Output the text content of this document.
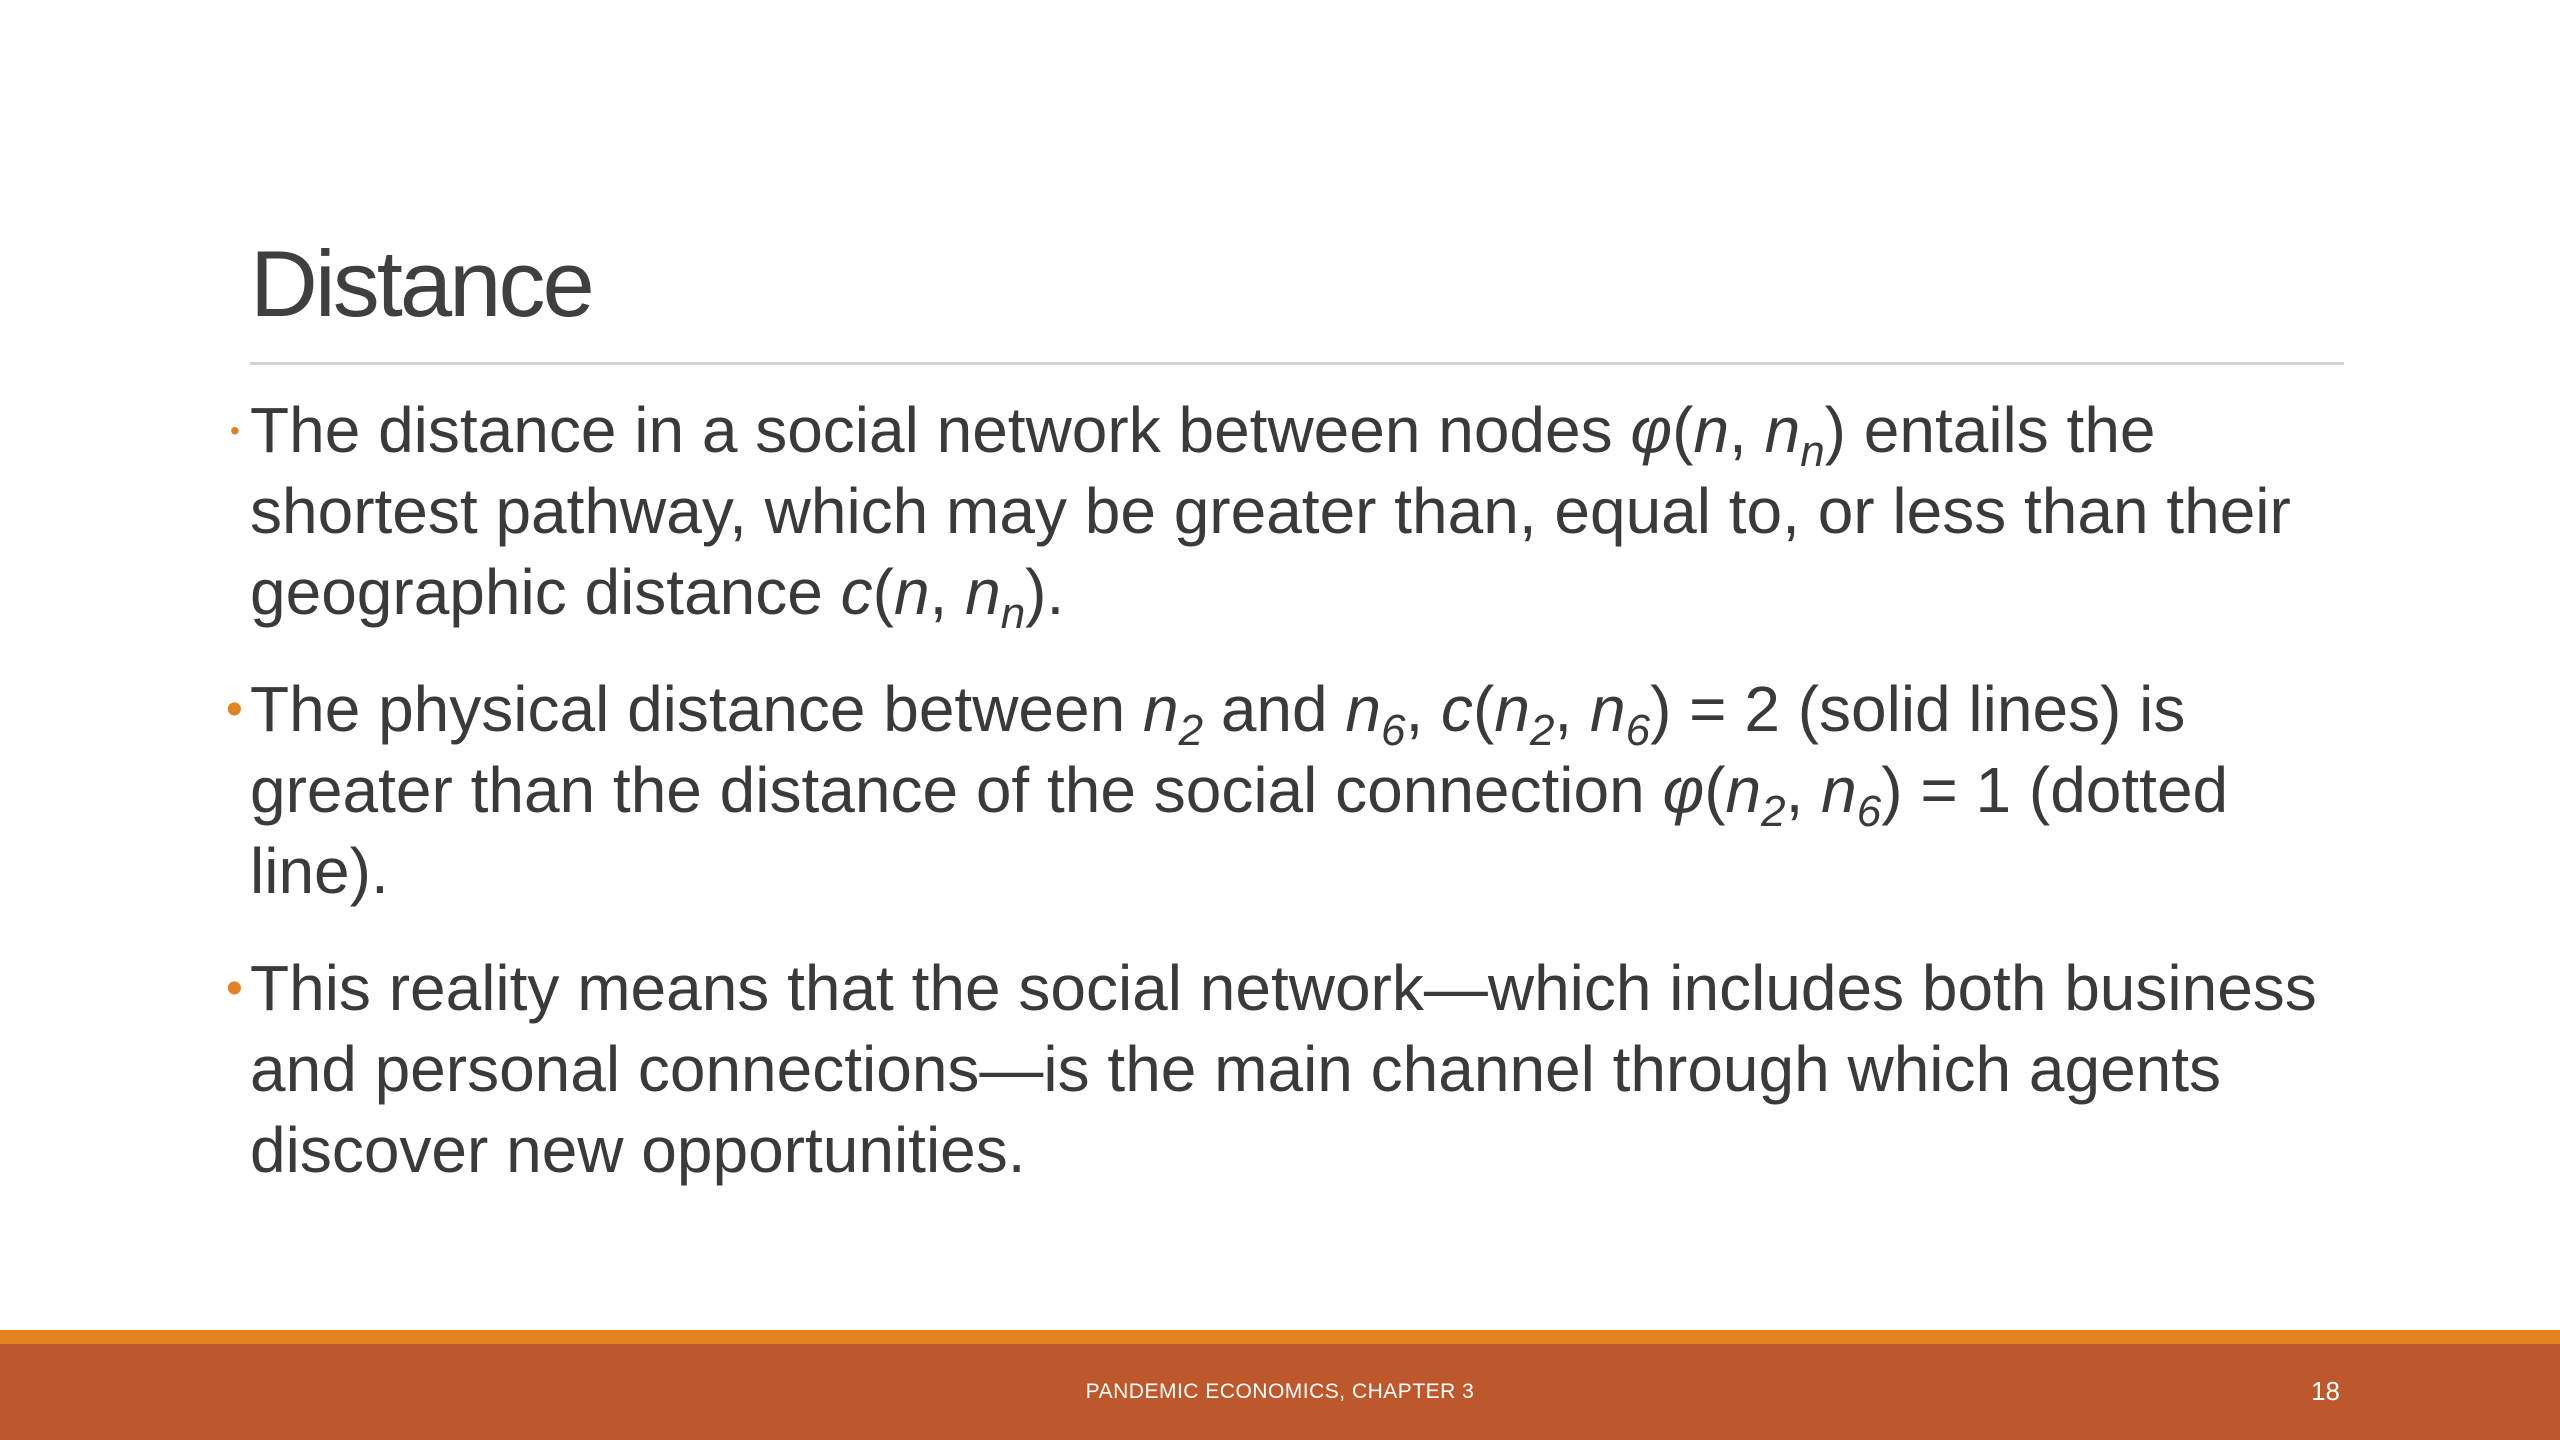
Distance
• The distance in a social network between nodes φ(n, $n_n$) entails the shortest pathway, which may be greater than, equal to, or less than their geographic distance c(n, $n_n$).
• The physical distance between $n_2$ and $n_6$, $c(n_2$, $n_6) = 2$ (solid lines) is greater than the distance of the social connection $\varphi(n_2$, $n_6) = 1$ (dotted line).
• This reality means that the social network—which includes both business and personal connections—is the main channel through which agents discover new opportunities.
PANDEMIC ECONOMICS, CHAPTER 3	18
